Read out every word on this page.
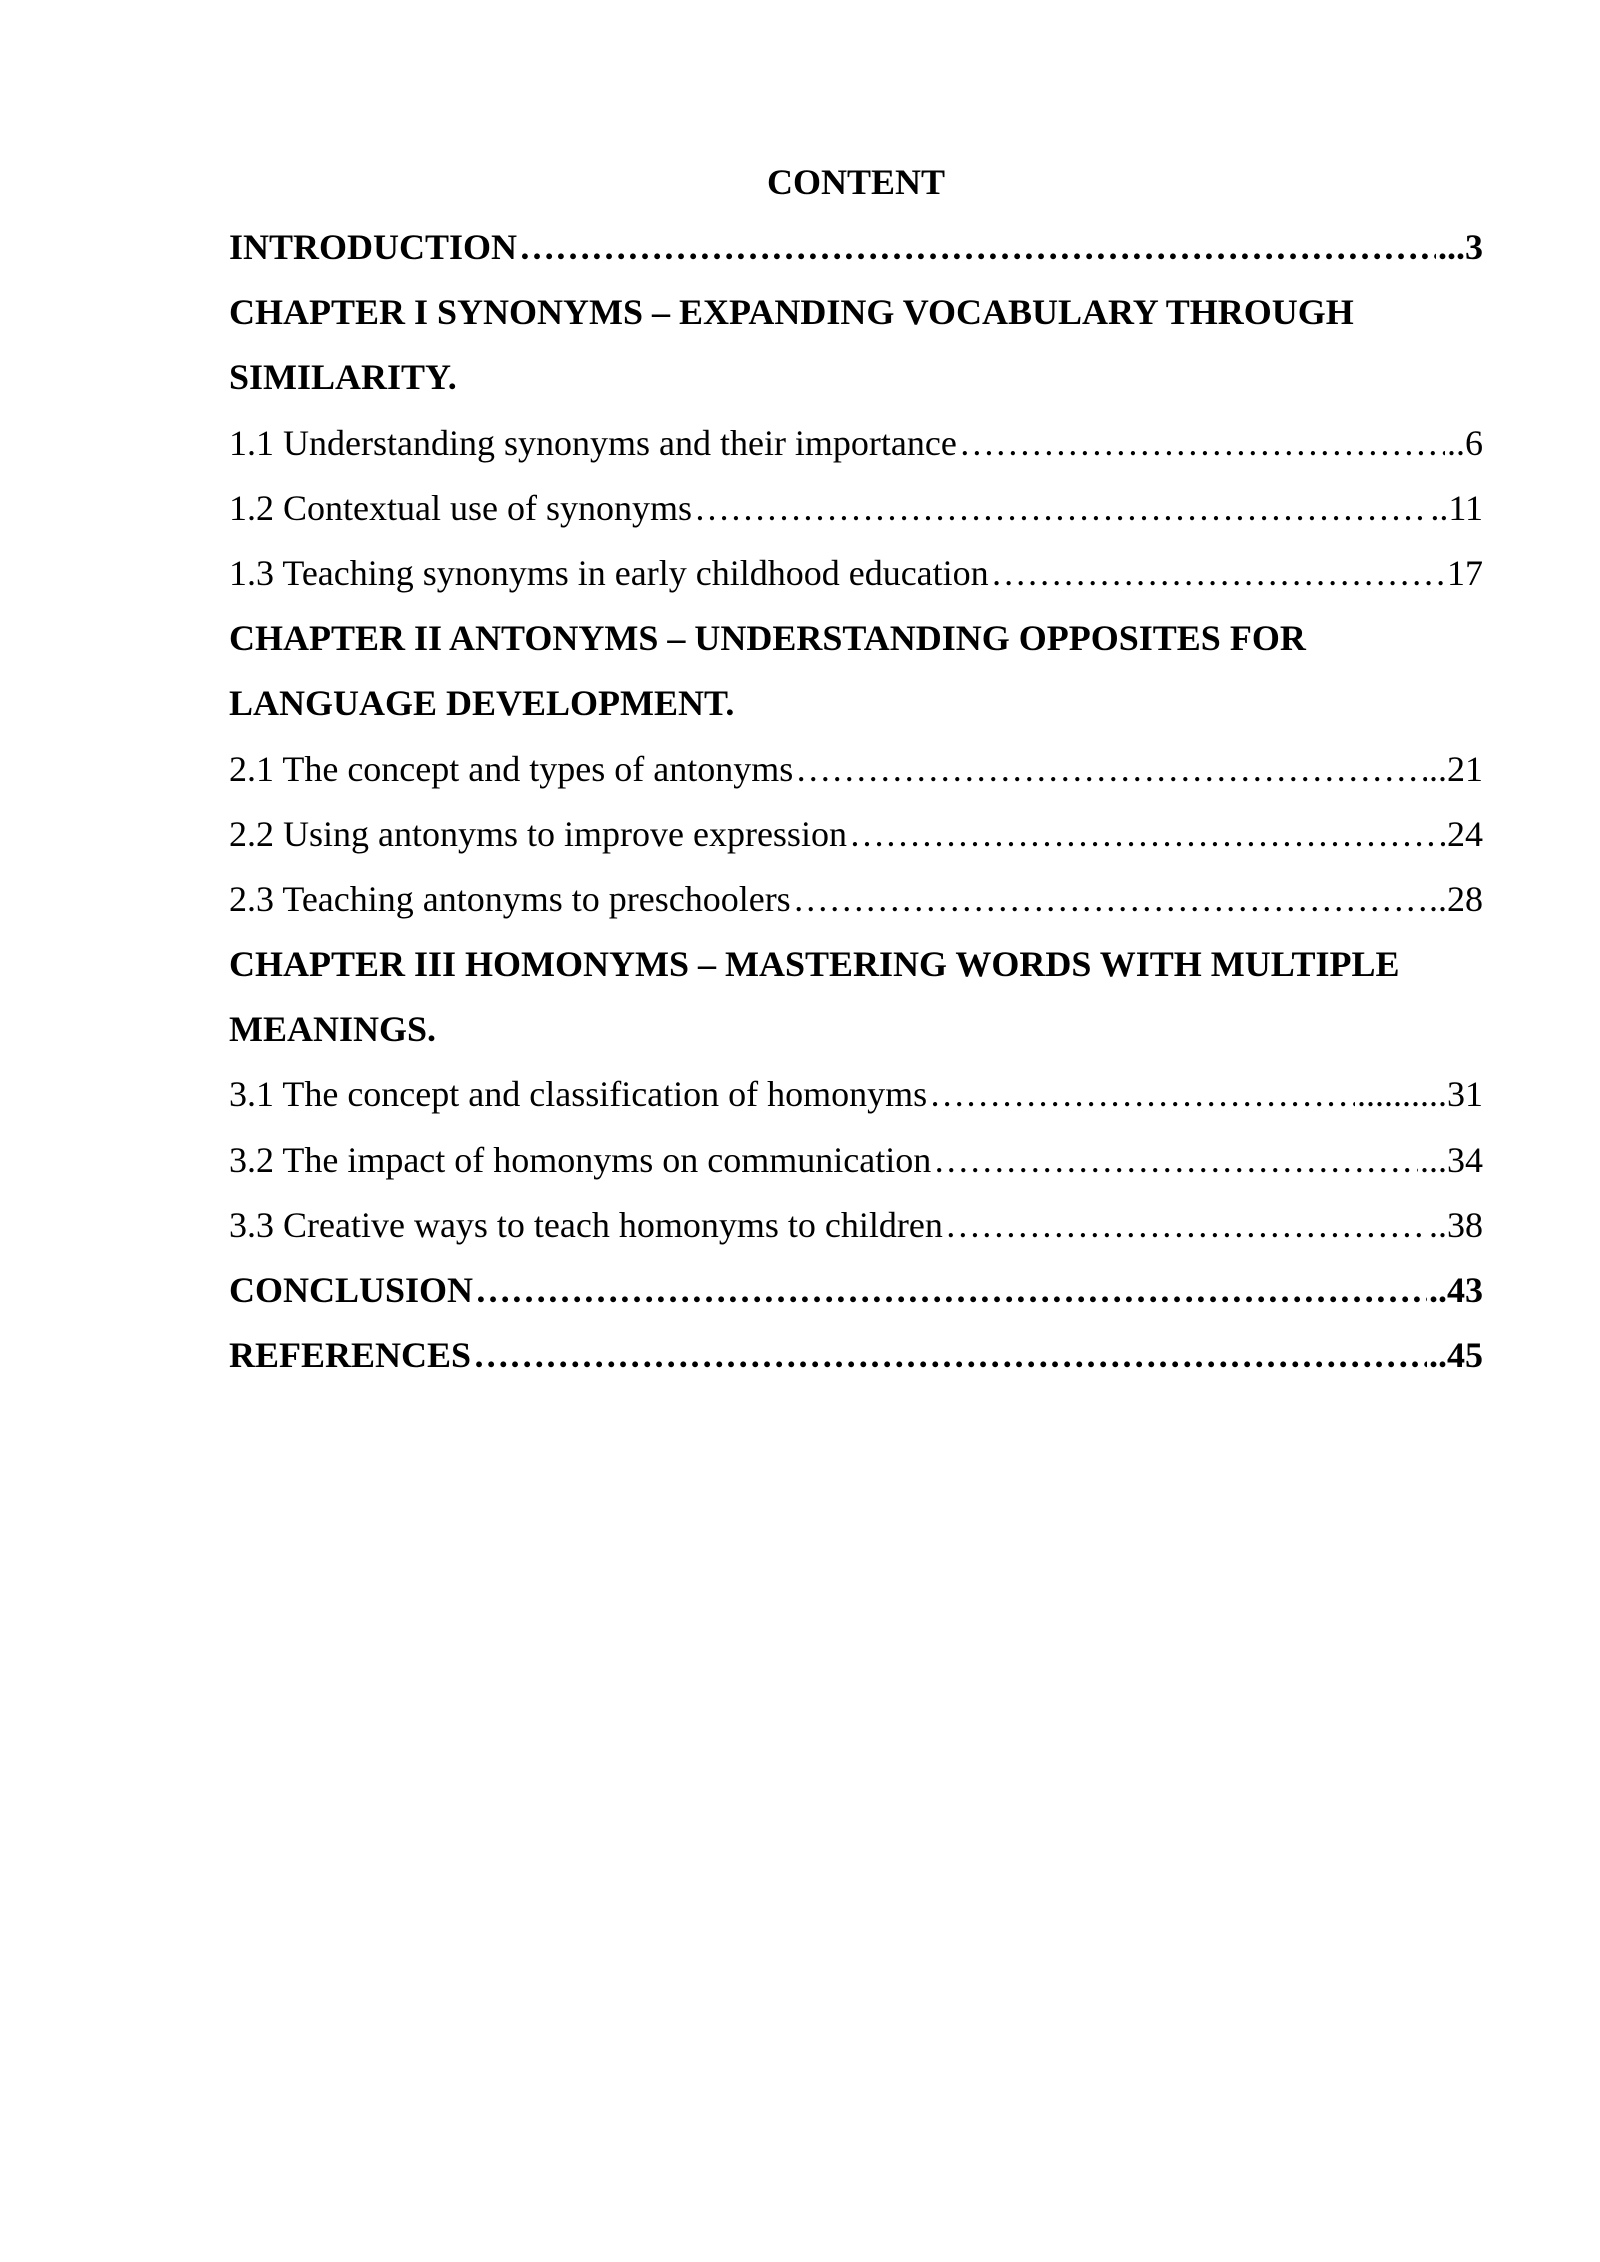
CONTENT
INTRODUCTION ……………………………………………………………………………………………………………………………………………………	...3
CHAPTER I SYNONYMS – EXPANDING VOCABULARY THROUGH
SIMILARITY.
1.1 Understanding synonyms and their importance ……………………………………………………………………………………………………………………………………………………	..6
1.2 Contextual use of synonyms ……………………………………………………………………………………………………………………………………………………	..11
1.3 Teaching synonyms in early childhood education ……………………………………………………………………………………………………………………………………………………	17
CHAPTER II ANTONYMS – UNDERSTANDING OPPOSITES FOR
LANGUAGE DEVELOPMENT.
2.1 The concept and types of antonyms ……………………………………………………………………………………………………………………………………………………	..21
2.2 Using antonyms to improve expression ……………………………………………………………………………………………………………………………………………………	24
2.3 Teaching antonyms to preschoolers ……………………………………………………………………………………………………………………………………………………	..28
CHAPTER III HOMONYMS – MASTERING WORDS WITH MULTIPLE
MEANINGS.
3.1 The concept and classification of homonyms ……………………………………………………………………………………………………………………………………………………	..........31
3.2 The impact of homonyms on communication ……………………………………………………………………………………………………………………………………………………	...34
3.3 Creative ways to teach homonyms to children ……………………………………………………………………………………………………………………………………………………	..38
CONCLUSION ……………………………………………………………………………………………………………………………………………………	..43
REFERENCES ……………………………………………………………………………………………………………………………………………………	..45
